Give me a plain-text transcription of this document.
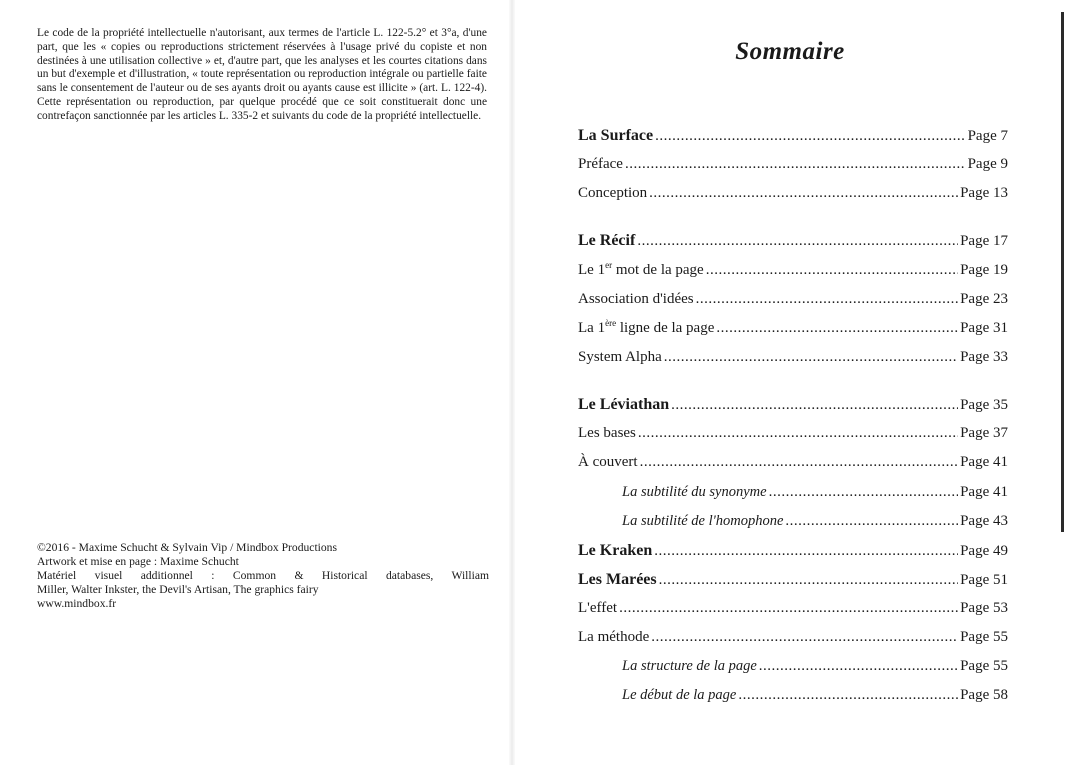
Le code de la propriété intellectuelle n'autorisant, aux termes de l'article L. 122-5.2° et 3°a, d'une part, que les « copies ou reproductions strictement réservées à l'usage privé du copiste et non destinées à une utilisation collective » et, d'autre part, que les analyses et les courtes citations dans un but d'exemple et d'illustration, « toute représentation ou reproduction intégrale ou partielle faite sans le consentement de l'auteur ou de ses ayants droit ou ayants cause est illicite » (art. L. 122-4). Cette représentation ou reproduction, par quelque procédé que ce soit constituerait donc une contrefaçon sanctionnée par les articles L. 335-2 et suivants du code de la propriété intellectuelle.

©2016 - Maxime Schucht & Sylvain Vip / Mindbox Productions

Artwork et mise en page : Maxime Schucht

Matériel visuel additionnel : Common & Historical databases, William

Miller, Walter Inkster, the Devil's Artisan, The graphics fairy

www.mindbox.fr

Sommaire
La Surface .....	Page 7
Préface .....	Page 9
Conception .....	Page 13
Le Récif .....	Page 17
Le 1er mot de la page .....	Page 19
Association d'idées .....	Page 23
La 1ère ligne de la page .....	Page 31
System Alpha .....	Page 33
Le Léviathan .....	Page 35
Les bases .....	Page 37
À couvert .....	Page 41
La subtilité du synonyme .....	Page 41
La subtilité de l'homophone .....	Page 43
Le Kraken .....	Page 49
Les Marées .....	Page 51
L'effet .....	Page 53
La méthode .....	Page 55
La structure de la page .....	Page 55
Le début de la page .....	Page 58
